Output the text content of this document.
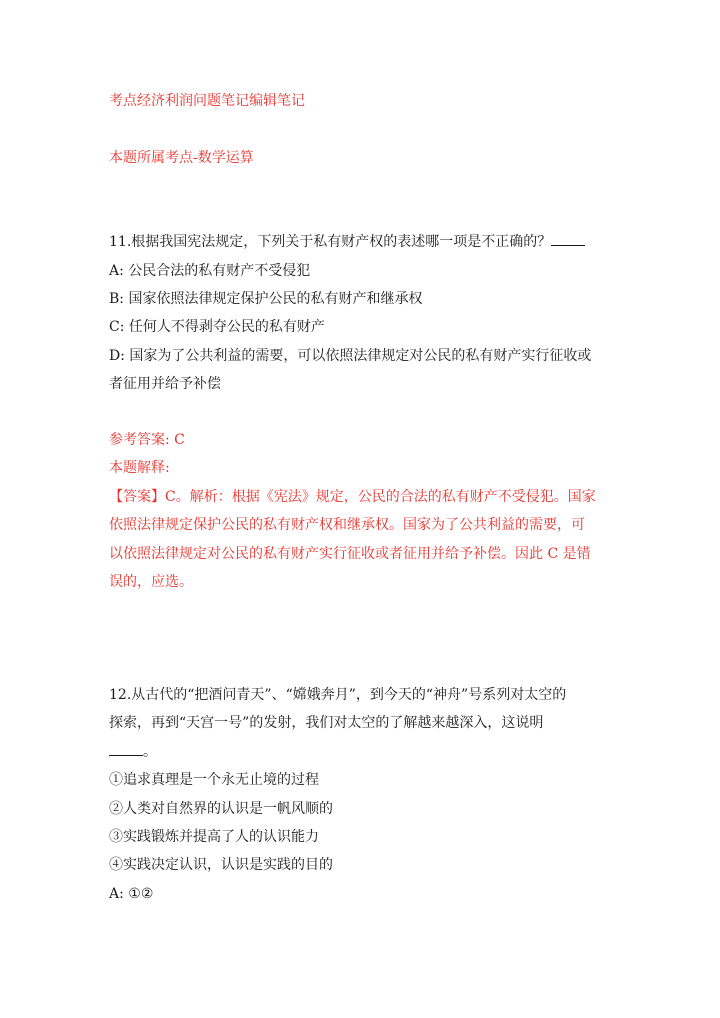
考点经济利润问题笔记编辑笔记
本题所属考点-数学运算
11.根据我国宪法规定，下列关于私有财产权的表述哪一项是不正确的？
A: 公民合法的私有财产不受侵犯
B: 国家依照法律规定保护公民的私有财产和继承权
C: 任何人不得剥夺公民的私有财产
D: 国家为了公共利益的需要，可以依照法律规定对公民的私有财产实行征收或
者征用并给予补偿
参考答案: C
本题解释:
【答案】C。解析：根据《宪法》规定，公民的合法的私有财产不受侵犯。国家
依照法律规定保护公民的私有财产权和继承权。国家为了公共利益的需要，可
以依照法律规定对公民的私有财产实行征收或者征用并给予补偿。因此 C 是错
误的，应选。
12.从古代的“把酒问青天”、“嫦娥奔月”，到今天的“神舟”号系列对太空的
探索，再到“天宫一号”的发射，我们对太空的了解越来越深入，这说明
。
①追求真理是一个永无止境的过程
②人类对自然界的认识是一帆风顺的
③实践锻炼并提高了人的认识能力
④实践决定认识，认识是实践的目的
A: ①②
